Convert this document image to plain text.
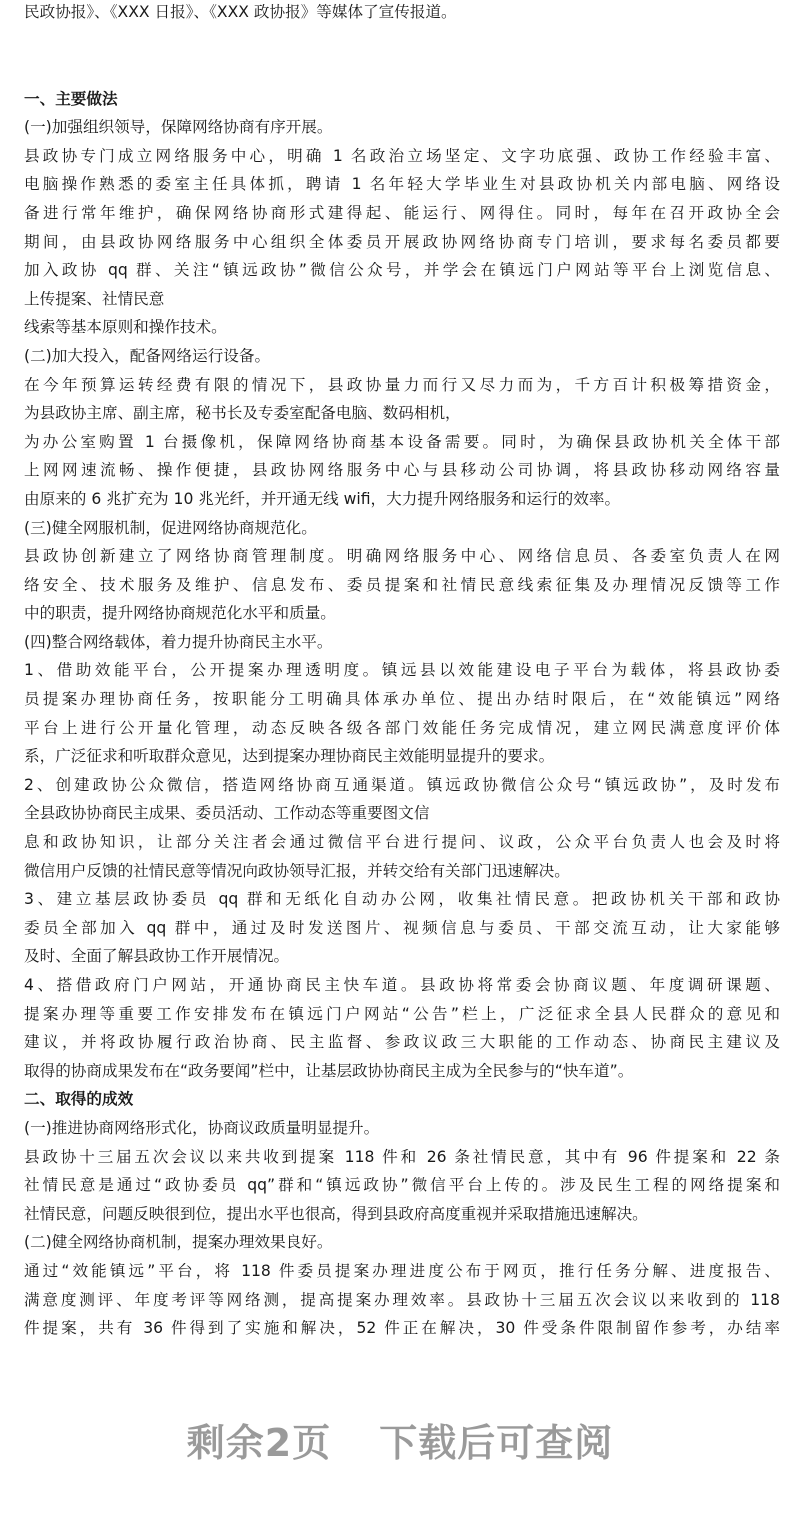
民政协报》、《XXX 日报》、《XXX 政协报》等媒体了宣传报道。
一、主要做法
(一)加强组织领导，保障网络协商有序开展。
县政协专门成立网络服务中心，明确 1 名政治立场坚定、文字功底强、政协工作经验丰富、
电脑操作熟悉的委室主任具体抓，聘请 1 名年轻大学毕业生对县政协机关内部电脑、网络设
备进行常年维护，确保网络协商形式建得起、能运行、网得住。同时，每年在召开政协全会
期间，由县政协网络服务中心组织全体委员开展政协网络协商专门培训，要求每名委员都要
加入政协 qq 群、关注“镇远政协”微信公众号，并学会在镇远门户网站等平台上浏览信息、
上传提案、社情民意
线索等基本原则和操作技术。
(二)加大投入，配备网络运行设备。
在今年预算运转经费有限的情况下，县政协量力而行又尽力而为，千方百计积极筹措资金，
为县政协主席、副主席，秘书长及专委室配备电脑、数码相机，
为办公室购置 1 台摄像机，保障网络协商基本设备需要。同时，为确保县政协机关全体干部
上网网速流畅、操作便捷，县政协网络服务中心与县移动公司协调，将县政协移动网络容量
由原来的 6 兆扩充为 10 兆光纤，并开通无线 wifi，大力提升网络服务和运行的效率。
(三)健全网服机制，促进网络协商规范化。
县政协创新建立了网络协商管理制度。明确网络服务中心、网络信息员、各委室负责人在网
络安全、技术服务及维护、信息发布、委员提案和社情民意线索征集及办理情况反馈等工作
中的职责，提升网络协商规范化水平和质量。
(四)整合网络载体，着力提升协商民主水平。
1、借助效能平台，公开提案办理透明度。镇远县以效能建设电子平台为载体，将县政协委
员提案办理协商任务，按职能分工明确具体承办单位、提出办结时限后，在“效能镇远”网络
平台上进行公开量化管理，动态反映各级各部门效能任务完成情况，建立网民满意度评价体
系，广泛征求和听取群众意见，达到提案办理协商民主效能明显提升的要求。
2、创建政协公众微信，搭造网络协商互通渠道。镇远政协微信公众号“镇远政协”，及时发布
全县政协协商民主成果、委员活动、工作动态等重要图文信
息和政协知识，让部分关注者会通过微信平台进行提问、议政，公众平台负责人也会及时将
微信用户反馈的社情民意等情况向政协领导汇报，并转交给有关部门迅速解决。
3、建立基层政协委员 qq 群和无纸化自动办公网，收集社情民意。把政协机关干部和政协
委员全部加入 qq 群中，通过及时发送图片、视频信息与委员、干部交流互动，让大家能够
及时、全面了解县政协工作开展情况。
4、搭借政府门户网站，开通协商民主快车道。县政协将常委会协商议题、年度调研课题、
提案办理等重要工作安排发布在镇远门户网站“公告”栏上，广泛征求全县人民群众的意见和
建议，并将政协履行政治协商、民主监督、参政议政三大职能的工作动态、协商民主建议及
取得的协商成果发布在“政务要闻”栏中，让基层政协协商民主成为全民参与的“快车道”。
二、取得的成效
(一)推进协商网络形式化，协商议政质量明显提升。
县政协十三届五次会议以来共收到提案 118 件和 26 条社情民意，其中有 96 件提案和 22 条
社情民意是通过“政协委员 qq”群和“镇远政协”微信平台上传的。涉及民生工程的网络提案和
社情民意，问题反映很到位，提出水平也很高，得到县政府高度重视并采取措施迅速解决。
(二)健全网络协商机制，提案办理效果良好。
通过“效能镇远”平台，将 118 件委员提案办理进度公布于网页，推行任务分解、进度报告、
满意度测评、年度考评等网络测，提高提案办理效率。县政协十三届五次会议以来收到的 118
件提案，共有 36 件得到了实施和解决，52 件正在解决，30 件受条件限制留作参考，办结率
剩余2页 下载后可查阅
